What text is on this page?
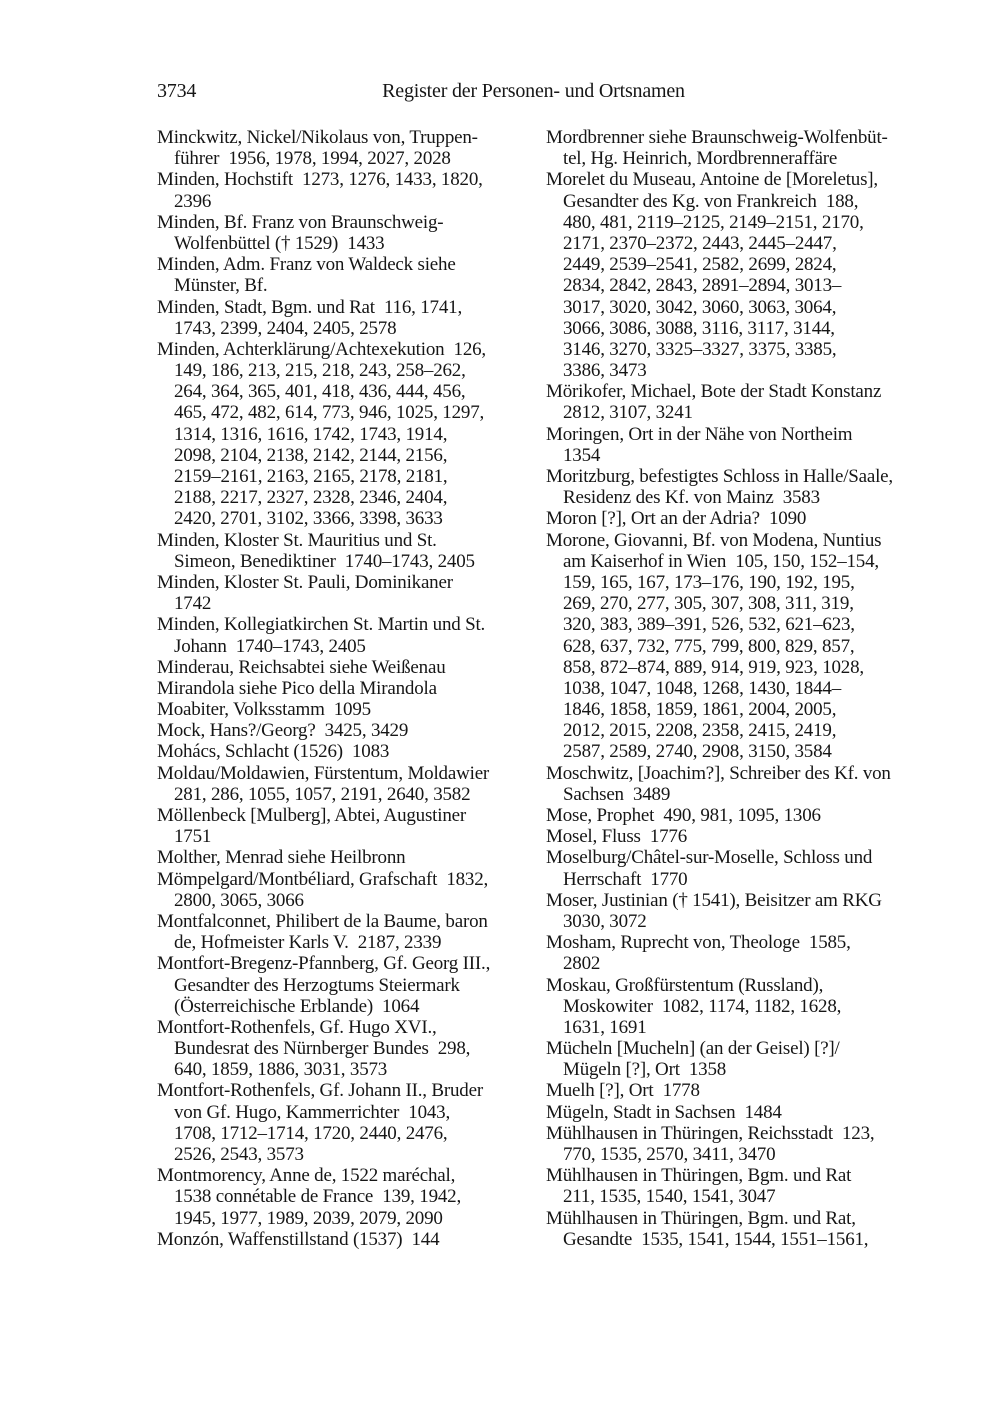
Register der Personen- und Ortsnamen
3734
Minckwitz, Nickel/Nikolaus von, Truppen-
führer  1956, 1978, 1994, 2027, 2028
Minden, Hochstift  1273, 1276, 1433, 1820,
2396
Minden, Bf. Franz von Braunschweig-
Wolfenbüttel († 1529)  1433
Minden, Adm. Franz von Waldeck siehe
Münster, Bf.
Minden, Stadt, Bgm. und Rat  116, 1741,
1743, 2399, 2404, 2405, 2578
Minden, Achterklärung/Achtexekution  126,
149, 186, 213, 215, 218, 243, 258–262,
264, 364, 365, 401, 418, 436, 444, 456,
465, 472, 482, 614, 773, 946, 1025, 1297,
1314, 1316, 1616, 1742, 1743, 1914,
2098, 2104, 2138, 2142, 2144, 2156,
2159–2161, 2163, 2165, 2178, 2181,
2188, 2217, 2327, 2328, 2346, 2404,
2420, 2701, 3102, 3366, 3398, 3633
Minden, Kloster St. Mauritius und St.
Simeon, Benediktiner  1740–1743, 2405
Minden, Kloster St. Pauli, Dominikaner
1742
Minden, Kollegiatkirchen St. Martin und St.
Johann  1740–1743, 2405
Minderau, Reichsabtei siehe Weißenau
Mirandola siehe Pico della Mirandola
Moabiter, Volksstamm  1095
Mock, Hans?/Georg?  3425, 3429
Mohács, Schlacht (1526)  1083
Moldau/Moldawien, Fürstentum, Moldawier
281, 286, 1055, 1057, 2191, 2640, 3582
Möllenbeck [Mulberg], Abtei, Augustiner
1751
Molther, Menrad siehe Heilbronn
Mömpelgard/Montbéliard, Grafschaft  1832,
2800, 3065, 3066
Montfalconnet, Philibert de la Baume, baron
de, Hofmeister Karls V.  2187, 2339
Montfort-Bregenz-Pfannberg, Gf. Georg III.,
Gesandter des Herzogtums Steiermark
(Österreichische Erblande)  1064
Montfort-Rothenfels, Gf. Hugo XVI.,
Bundesrat des Nürnberger Bundes  298,
640, 1859, 1886, 3031, 3573
Montfort-Rothenfels, Gf. Johann II., Bruder
von Gf. Hugo, Kammerrichter  1043,
1708, 1712–1714, 1720, 2440, 2476,
2526, 2543, 3573
Montmorency, Anne de, 1522 maréchal,
1538 connétable de France  139, 1942,
1945, 1977, 1989, 2039, 2079, 2090
Monzón, Waffenstillstand (1537)  144
Mordbrenner siehe Braunschweig-Wolfenbüt-
tel, Hg. Heinrich, Mordbrenneraffäre
Morelet du Museau, Antoine de [Moreletus],
Gesandter des Kg. von Frankreich  188,
480, 481, 2119–2125, 2149–2151, 2170,
2171, 2370–2372, 2443, 2445–2447,
2449, 2539–2541, 2582, 2699, 2824,
2834, 2842, 2843, 2891–2894, 3013–
3017, 3020, 3042, 3060, 3063, 3064,
3066, 3086, 3088, 3116, 3117, 3144,
3146, 3270, 3325–3327, 3375, 3385,
3386, 3473
Mörikofer, Michael, Bote der Stadt Konstanz
2812, 3107, 3241
Moringen, Ort in der Nähe von Northeim
1354
Moritzburg, befestigtes Schloss in Halle/Saale,
Residenz des Kf. von Mainz  3583
Moron [?], Ort an der Adria?  1090
Morone, Giovanni, Bf. von Modena, Nuntius
am Kaiserhof in Wien  105, 150, 152–154,
159, 165, 167, 173–176, 190, 192, 195,
269, 270, 277, 305, 307, 308, 311, 319,
320, 383, 389–391, 526, 532, 621–623,
628, 637, 732, 775, 799, 800, 829, 857,
858, 872–874, 889, 914, 919, 923, 1028,
1038, 1047, 1048, 1268, 1430, 1844–
1846, 1858, 1859, 1861, 2004, 2005,
2012, 2015, 2208, 2358, 2415, 2419,
2587, 2589, 2740, 2908, 3150, 3584
Moschwitz, [Joachim?], Schreiber des Kf. von
Sachsen  3489
Mose, Prophet  490, 981, 1095, 1306
Mosel, Fluss  1776
Moselburg/Châtel-sur-Moselle, Schloss und
Herrschaft  1770
Moser, Justinian († 1541), Beisitzer am RKG
3030, 3072
Mosham, Ruprecht von, Theologe  1585,
2802
Moskau, Großfürstentum (Russland),
Moskowiter  1082, 1174, 1182, 1628,
1631, 1691
Mücheln [Mucheln] (an der Geisel) [?]/
Mügeln [?], Ort  1358
Muelh [?], Ort  1778
Mügeln, Stadt in Sachsen  1484
Mühlhausen in Thüringen, Reichsstadt  123,
770, 1535, 2570, 3411, 3470
Mühlhausen in Thüringen, Bgm. und Rat
211, 1535, 1540, 1541, 3047
Mühlhausen in Thüringen, Bgm. und Rat,
Gesandte  1535, 1541, 1544, 1551–1561,
